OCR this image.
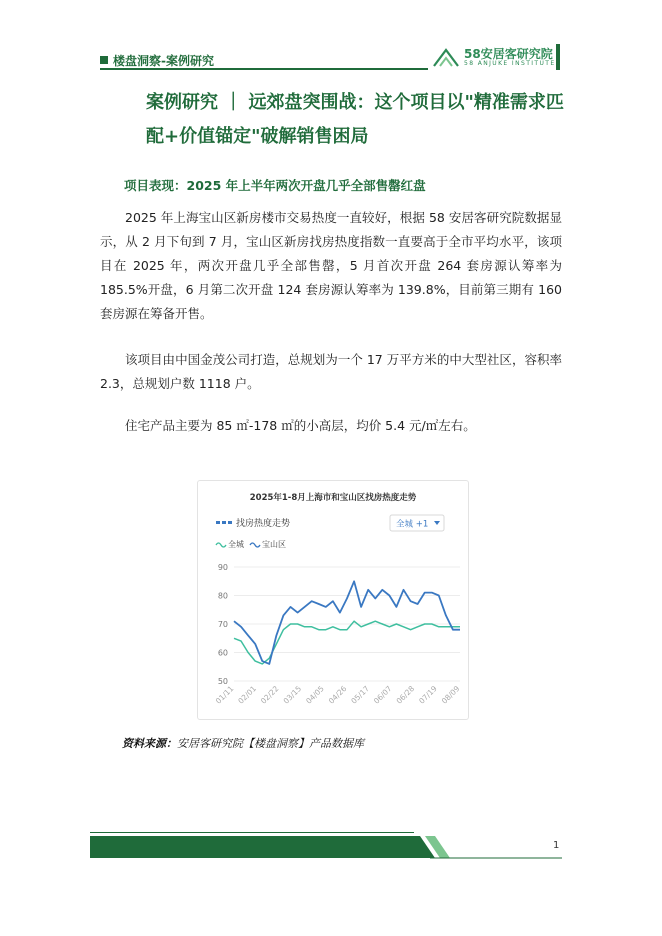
楼盘洞察-案例研究	58安居客研究院
58 ANJUKE INSTITUTE
案例研究 ｜ 远郊盘突围战：这个项目以"精准需求匹配+价值锚定"破解销售困局
项目表现：2025 年上半年两次开盘几乎全部售罄红盘

2025 年上海宝山区新房楼市交易热度一直较好，根据 58 安居客研究院数据显示，从 2 月下旬到 7 月，宝山区新房找房热度指数一直要高于全市平均水平，该项目在 2025 年，两次开盘几乎全部售罄，5 月首次开盘 264 套房源认筹率为 185.5%开盘，6 月第二次开盘 124 套房源认筹率为 139.8%，目前第三期有 160 套房源在筹备开售。

该项目由中国金茂公司打造，总规划为一个 17 万平方米的中大型社区，容积率 2.3，总规划户数 1118 户。

住宅产品主要为 85 ㎡-178 ㎡的小高层，均价 5.4 元/㎡左右。

2025年1-8月上海市和宝山区找房热度走势
找房热度走势	全城 +1
全城 宝山区
50
60
70
80
90
01/11 02/01 02/22 03/15 04/05 04/26 05/17 06/07 06/28 07/19 08/09
资料来源：安居客研究院【楼盘洞察】产品数据库
1
